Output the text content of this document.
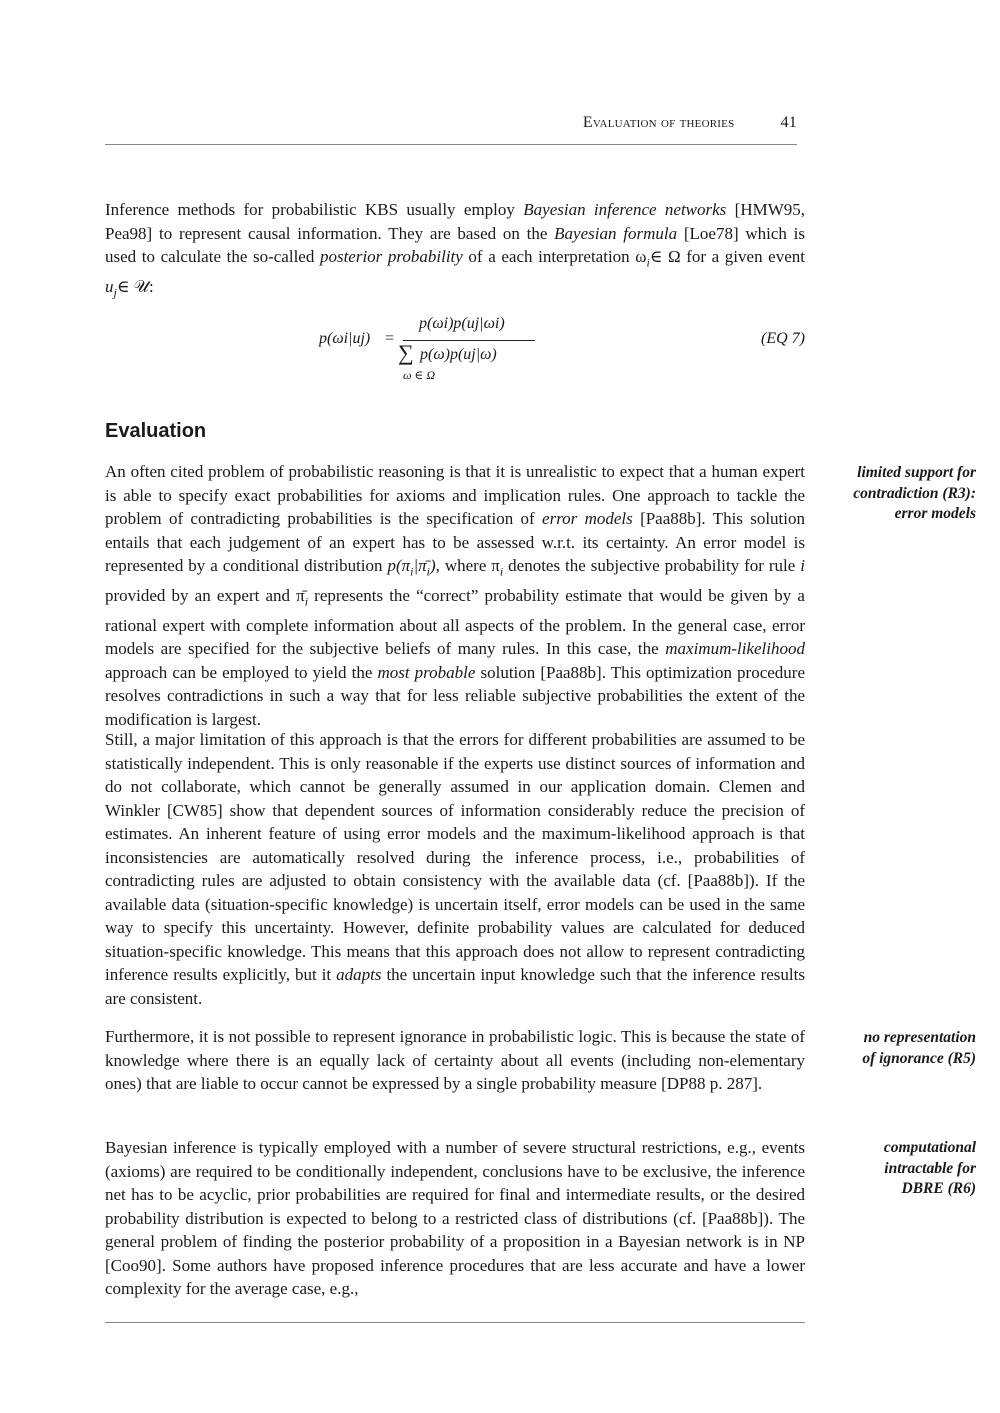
Evaluation of theories	41
Inference methods for probabilistic KBS usually employ Bayesian inference networks [HMW95, Pea98] to represent causal information. They are based on the Bayesian formula [Loe78] which is used to calculate the so-called posterior probability of a each interpretation $\omega_i\in$ Ω for a given event $u_j\in$ 𝒰:
p(ωi|uj) =
p(ωi)p(uj|ωi)
∑ p(ω)p(uj|ω)
ω ∈ Ω
(EQ 7)
Evaluation
An often cited problem of probabilistic reasoning is that it is unrealistic to expect that a human expert is able to specify exact probabilities for axioms and implication rules. One approach to tackle the problem of contradicting probabilities is the specification of error models [Paa88b]. This solution entails that each judgement of an expert has to be assessed w.r.t. its certainty. An error model is represented by a conditional distribution $p(\pi_i|\pī_i)$, where $\pi_i$ denotes the subjective probability for rule i provided by an expert and $\pī_i$ represents the “correct” probability estimate that would be given by a rational expert with complete information about all aspects of the problem. In the general case, error models are specified for the subjective beliefs of many rules. In this case, the maximum-likelihood approach can be employed to yield the most probable solution [Paa88b]. This optimization procedure resolves contradictions in such a way that for less reliable subjective probabilities the extent of the modification is largest.
Still, a major limitation of this approach is that the errors for different probabilities are assumed to be statistically independent. This is only reasonable if the experts use distinct sources of information and do not collaborate, which cannot be generally assumed in our application domain. Clemen and Winkler [CW85] show that dependent sources of information considerably reduce the precision of estimates. An inherent feature of using error models and the maximum-likelihood approach is that inconsistencies are automatically resolved during the inference process, i.e., probabilities of contradicting rules are adjusted to obtain consistency with the available data (cf. [Paa88b]). If the available data (situation-specific knowledge) is uncertain itself, error models can be used in the same way to specify this uncertainty. However, definite probability values are calculated for deduced situation-specific knowledge. This means that this approach does not allow to represent contradicting inference results explicitly, but it adapts the uncertain input knowledge such that the inference results are consistent.
Furthermore, it is not possible to represent ignorance in probabilistic logic. This is because the state of knowledge where there is an equally lack of certainty about all events (including non-elementary ones) that are liable to occur cannot be expressed by a single probability measure [DP88 p. 287].
Bayesian inference is typically employed with a number of severe structural restrictions, e.g., events (axioms) are required to be conditionally independent, conclusions have to be exclusive, the inference net has to be acyclic, prior probabilities are required for final and intermediate results, or the desired probability distribution is expected to belong to a restricted class of distributions (cf. [Paa88b]). The general problem of finding the posterior probability of a proposition in a Bayesian network is in NP [Coo90]. Some authors have proposed inference procedures that are less accurate and have a lower complexity for the average case, e.g.,
limited support for
contradiction (R3):
error models
no representation
of ignorance (R5)
computational
intractable for
DBRE (R6)
